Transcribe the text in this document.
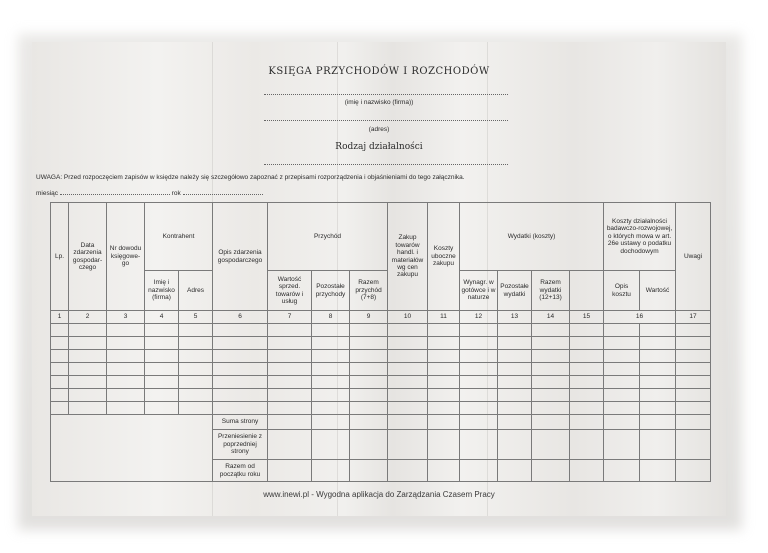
KSIĘGA PRZYCHODÓW I ROZCHODÓW
(imię i nazwisko (firma))
(adres)
Rodzaj działalności
UWAGA: Przed rozpoczęciem zapisów w księdze należy się szczegółowo zapoznać z przepisami rozporządzenia i objaśnieniami do tego załącznika.
miesiąc	rok
Lp.	Data zdarzenia gospodar-czego	Nr dowodu księgowe-go	Kontrahent		Opis zdarzenia gospodarczego	Przychód			Zakup towarów handl. i materiałów wg cen zakupu	Koszty uboczne zakupu	Wydatki (koszty)				Koszty działalności badawczo-rozwojowej, o których mowa w art. 26e ustawy o podatku dochodowym		Uwagi
			Imię i nazwisko (firma)	Adres		Wartość sprzed. towarów i usług	Pozostałe przychody	Razem przychód (7+8)			Wynagr. w gotówce i w naturze	Pozostałe wydatki	Razem wydatki (12+13)		Opis kosztu	Wartość	
1	2	3	4	5	6	7	8	9	10	11	12	13	14	15	16		17

					Suma strony												
					Przeniesienie z poprzedniej strony												
					Razem od początku roku												
www.inewi.pl - Wygodna aplikacja do Zarządzania Czasem Pracy
